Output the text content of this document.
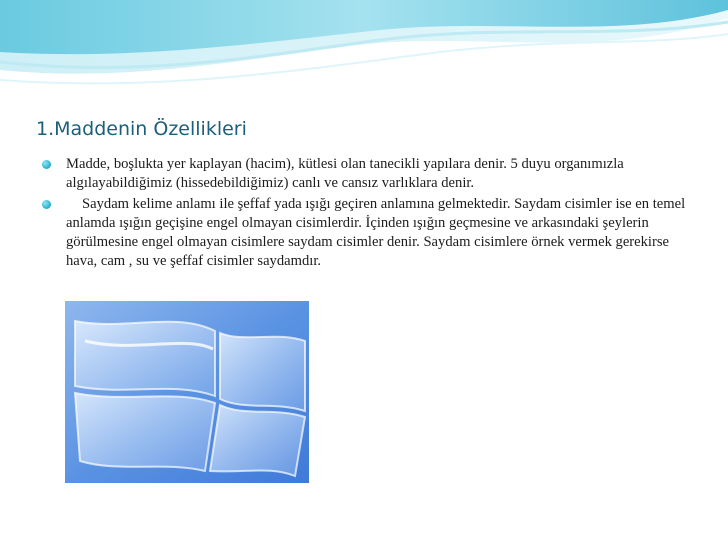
1.Maddenin Özellikleri
Madde, boşlukta yer kaplayan (hacim), kütlesi olan tanecikli yapılara denir. 5 duyu organımızla algılayabildiğimiz (hissedebildiğimiz) canlı ve cansız varlıklara denir.
Saydam kelime anlamı ile şeffaf yada ışığı geçiren anlamına gelmektedir. Saydam cisimler ise en temel anlamda ışığın geçişine engel olmayan cisimlerdir. İçinden ışığın geçmesine ve arkasındaki şeylerin görülmesine engel olmayan cisimlere saydam cisimler denir. Saydam cisimlere örnek vermek gerekirse hava, cam , su ve şeffaf cisimler saydamdır.
